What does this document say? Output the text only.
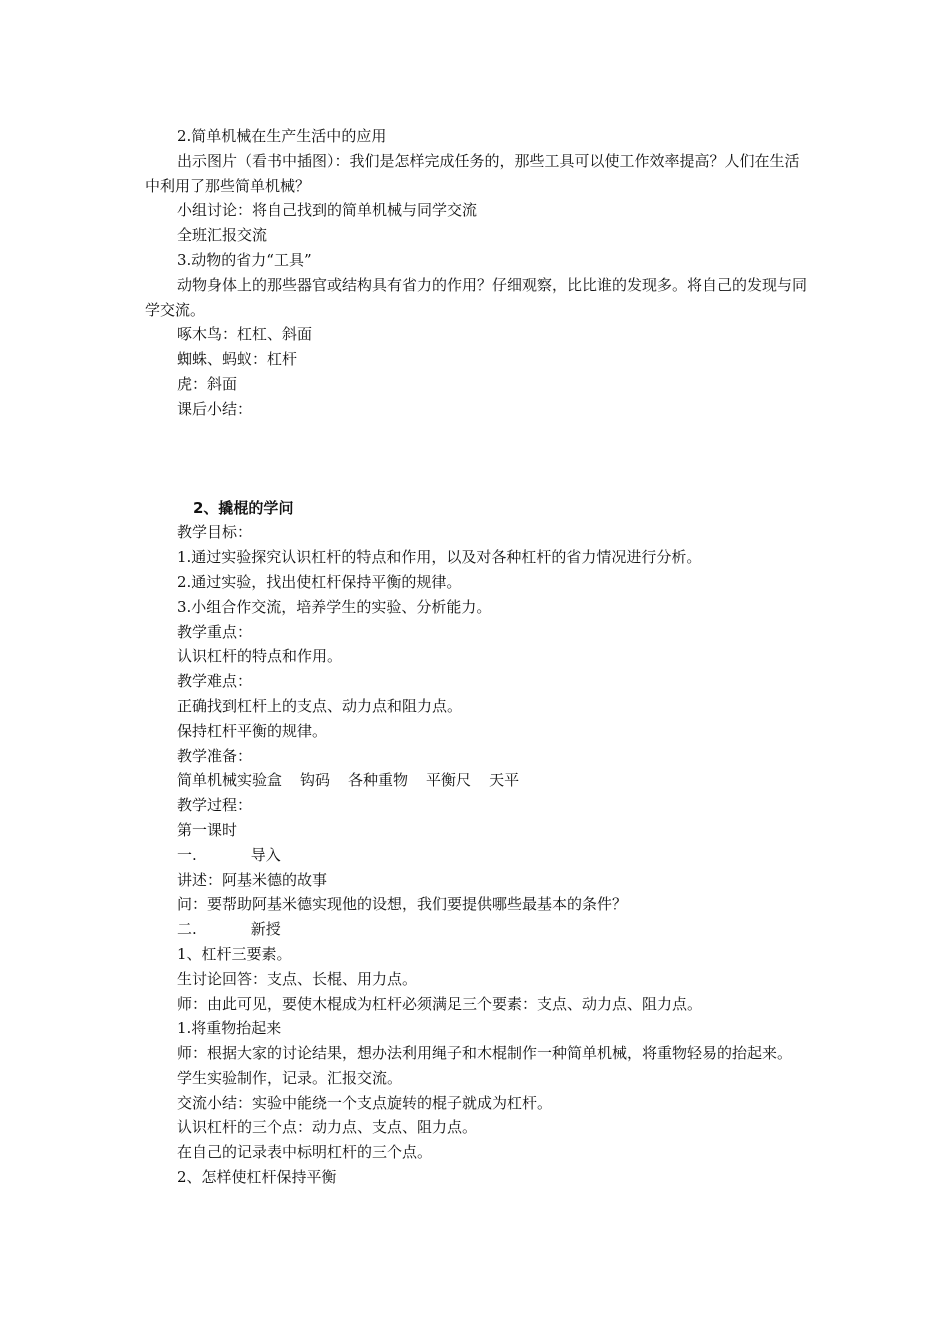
2.简单机械在生产生活中的应用

出示图片（看书中插图）：我们是怎样完成任务的，那些工具可以使工作效率提高？人们在生活中利用了那些简单机械？

小组讨论：将自己找到的简单机械与同学交流

全班汇报交流

3.动物的省力“工具”

动物身体上的那些器官或结构具有省力的作用？仔细观察，比比谁的发现多。将自己的发现与同学交流。

啄木鸟：杠杠、斜面

蜘蛛、蚂蚁：杠杆

虎：斜面

课后小结：

2、撬棍的学问

教学目标：

1.通过实验探究认识杠杆的特点和作用，以及对各种杠杆的省力情况进行分析。

2.通过实验，找出使杠杆保持平衡的规律。

3.小组合作交流，培养学生的实验、分析能力。

教学重点：

认识杠杆的特点和作用。

教学难点：

正确找到杠杆上的支点、动力点和阻力点。

保持杠杆平衡的规律。

教学准备：

简单机械实验盒 钩码 各种重物 平衡尺 天平

教学过程：

第一课时

一.	导入

讲述：阿基米德的故事

问：要帮助阿基米德实现他的设想，我们要提供哪些最基本的条件？

二.	新授

1、杠杆三要素。

生讨论回答：支点、长棍、用力点。

师：由此可见，要使木棍成为杠杆必须满足三个要素：支点、动力点、阻力点。

1.将重物抬起来

师：根据大家的讨论结果，想办法利用绳子和木棍制作一种简单机械，将重物轻易的抬起来。

学生实验制作，记录。汇报交流。

交流小结：实验中能绕一个支点旋转的棍子就成为杠杆。

认识杠杆的三个点：动力点、支点、阻力点。

在自己的记录表中标明杠杆的三个点。

2、怎样使杠杆保持平衡
